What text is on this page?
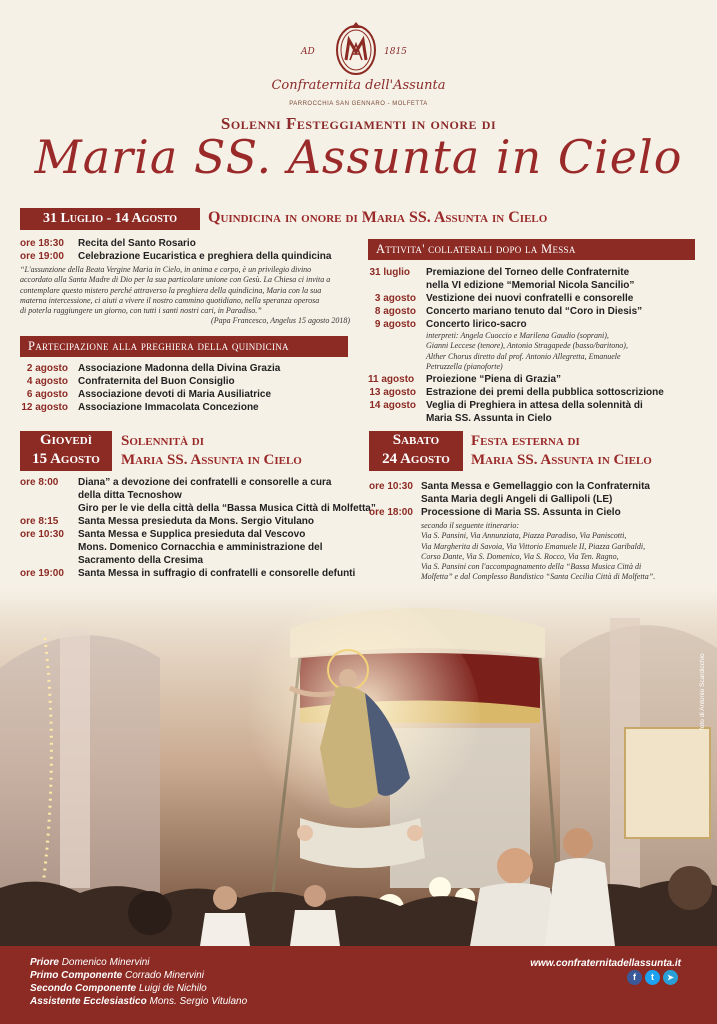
AD	1815
Confraternita dell'Assunta
PARROCCHIA SAN GENNARO - MOLFETTA
Solenni Festeggiamenti in onore di
Maria SS. Assunta in Cielo
31 Luglio - 14 Agosto	Quindicina in onore di Maria SS. Assunta in Cielo
ore 18:30 Recita del Santo Rosario
ore 19:00 Celebrazione Eucaristica e preghiera della quindicina
“L'assunzione della Beata Vergine Maria in Cielo, in anima e corpo, è un privilegio divino
accordato alla Santa Madre di Dio per la sua particolare unione con Gesù. La Chiesa ci invita a
contemplare questo mistero perché attraverso la preghiera della quindicina, Maria con la sua
materna intercessione, ci aiuti a vivere il nostro cammino quotidiano, nella speranza operosa
di poterla raggiungere un giorno, con tutti i santi nostri cari, in Paradiso.”
(Papa Francesco, Angelus 15 agosto 2018)
Partecipazione alla preghiera della quindicina
2 agosto Associazione Madonna della Divina Grazia
4 agosto Confraternita del Buon Consiglio
6 agosto Associazione devoti di Maria Ausiliatrice
12 agosto Associazione Immacolata Concezione
Attivita' collaterali dopo la Messa
31 luglio Premiazione del Torneo delle Confraternite
nella VI edizione “Memorial Nicola Sancilio”
3 agosto Vestizione dei nuovi confratelli e consorelle
8 agosto Concerto mariano tenuto dal “Coro in Diesis”
9 agosto Concerto lirico-sacro
interpreti: Angela Cuoccio e Marilena Gaudio (soprani),
Gianni Leccese (tenore), Antonio Stragapede (basso/baritono),
Alther Chorus diretto dal prof. Antonio Allegretta, Emanuele
Petruzzella (pianoforte)
11 agosto Proiezione “Piena di Grazia”
13 agosto Estrazione dei premi della pubblica sottoscrizione
14 agosto Veglia di Preghiera in attesa della solennità di
Maria SS. Assunta in Cielo
Giovedì
15 Agosto
Solennità di
Maria SS. Assunta in Cielo
ore 8:00 Diana” a devozione dei confratelli e consorelle a cura
della ditta Tecnoshow
Giro per le vie della città della “Bassa Musica Città di Molfetta”
ore 8:15 Santa Messa presieduta da Mons. Sergio Vitulano
ore 10:30 Santa Messa e Supplica presieduta dal Vescovo
Mons. Domenico Cornacchia e amministrazione del
Sacramento della Cresima
ore 19:00 Santa Messa in suffragio di confratelli e consorelle defunti
Sabato
24 Agosto
Festa esterna di
Maria SS. Assunta in Cielo
ore 10:30 Santa Messa e Gemellaggio con la Confraternita
Santa Maria degli Angeli di Gallipoli (LE)
ore 18:00 Processione di Maria SS. Assunta in Cielo
secondo il seguente itinerario:
Via S. Pansini, Via Annunziata, Piazza Paradiso, Via Paniscotti,
Via Margherita di Savoia, Via Vittorio Emanuele II, Piazza Garibaldi,
Corso Dante, Via S. Domenico, Via S. Rocco, Via Ten. Ragno,
Via S. Pansini con l'accompagnamento della “Bassa Musica Città di
Molfetta” e dal Complesso Bandistico “Santa Cecilia Città di Molfetta”.
foto di Antonio Scardicchio
Priore Domenico Minervini
Primo Componente Corrado Minervini
Secondo Componente Luigi de Nichilo
Assistente Ecclesiastico Mons. Sergio Vitulano
www.confraternitadellassunta.it
f	t	➤
